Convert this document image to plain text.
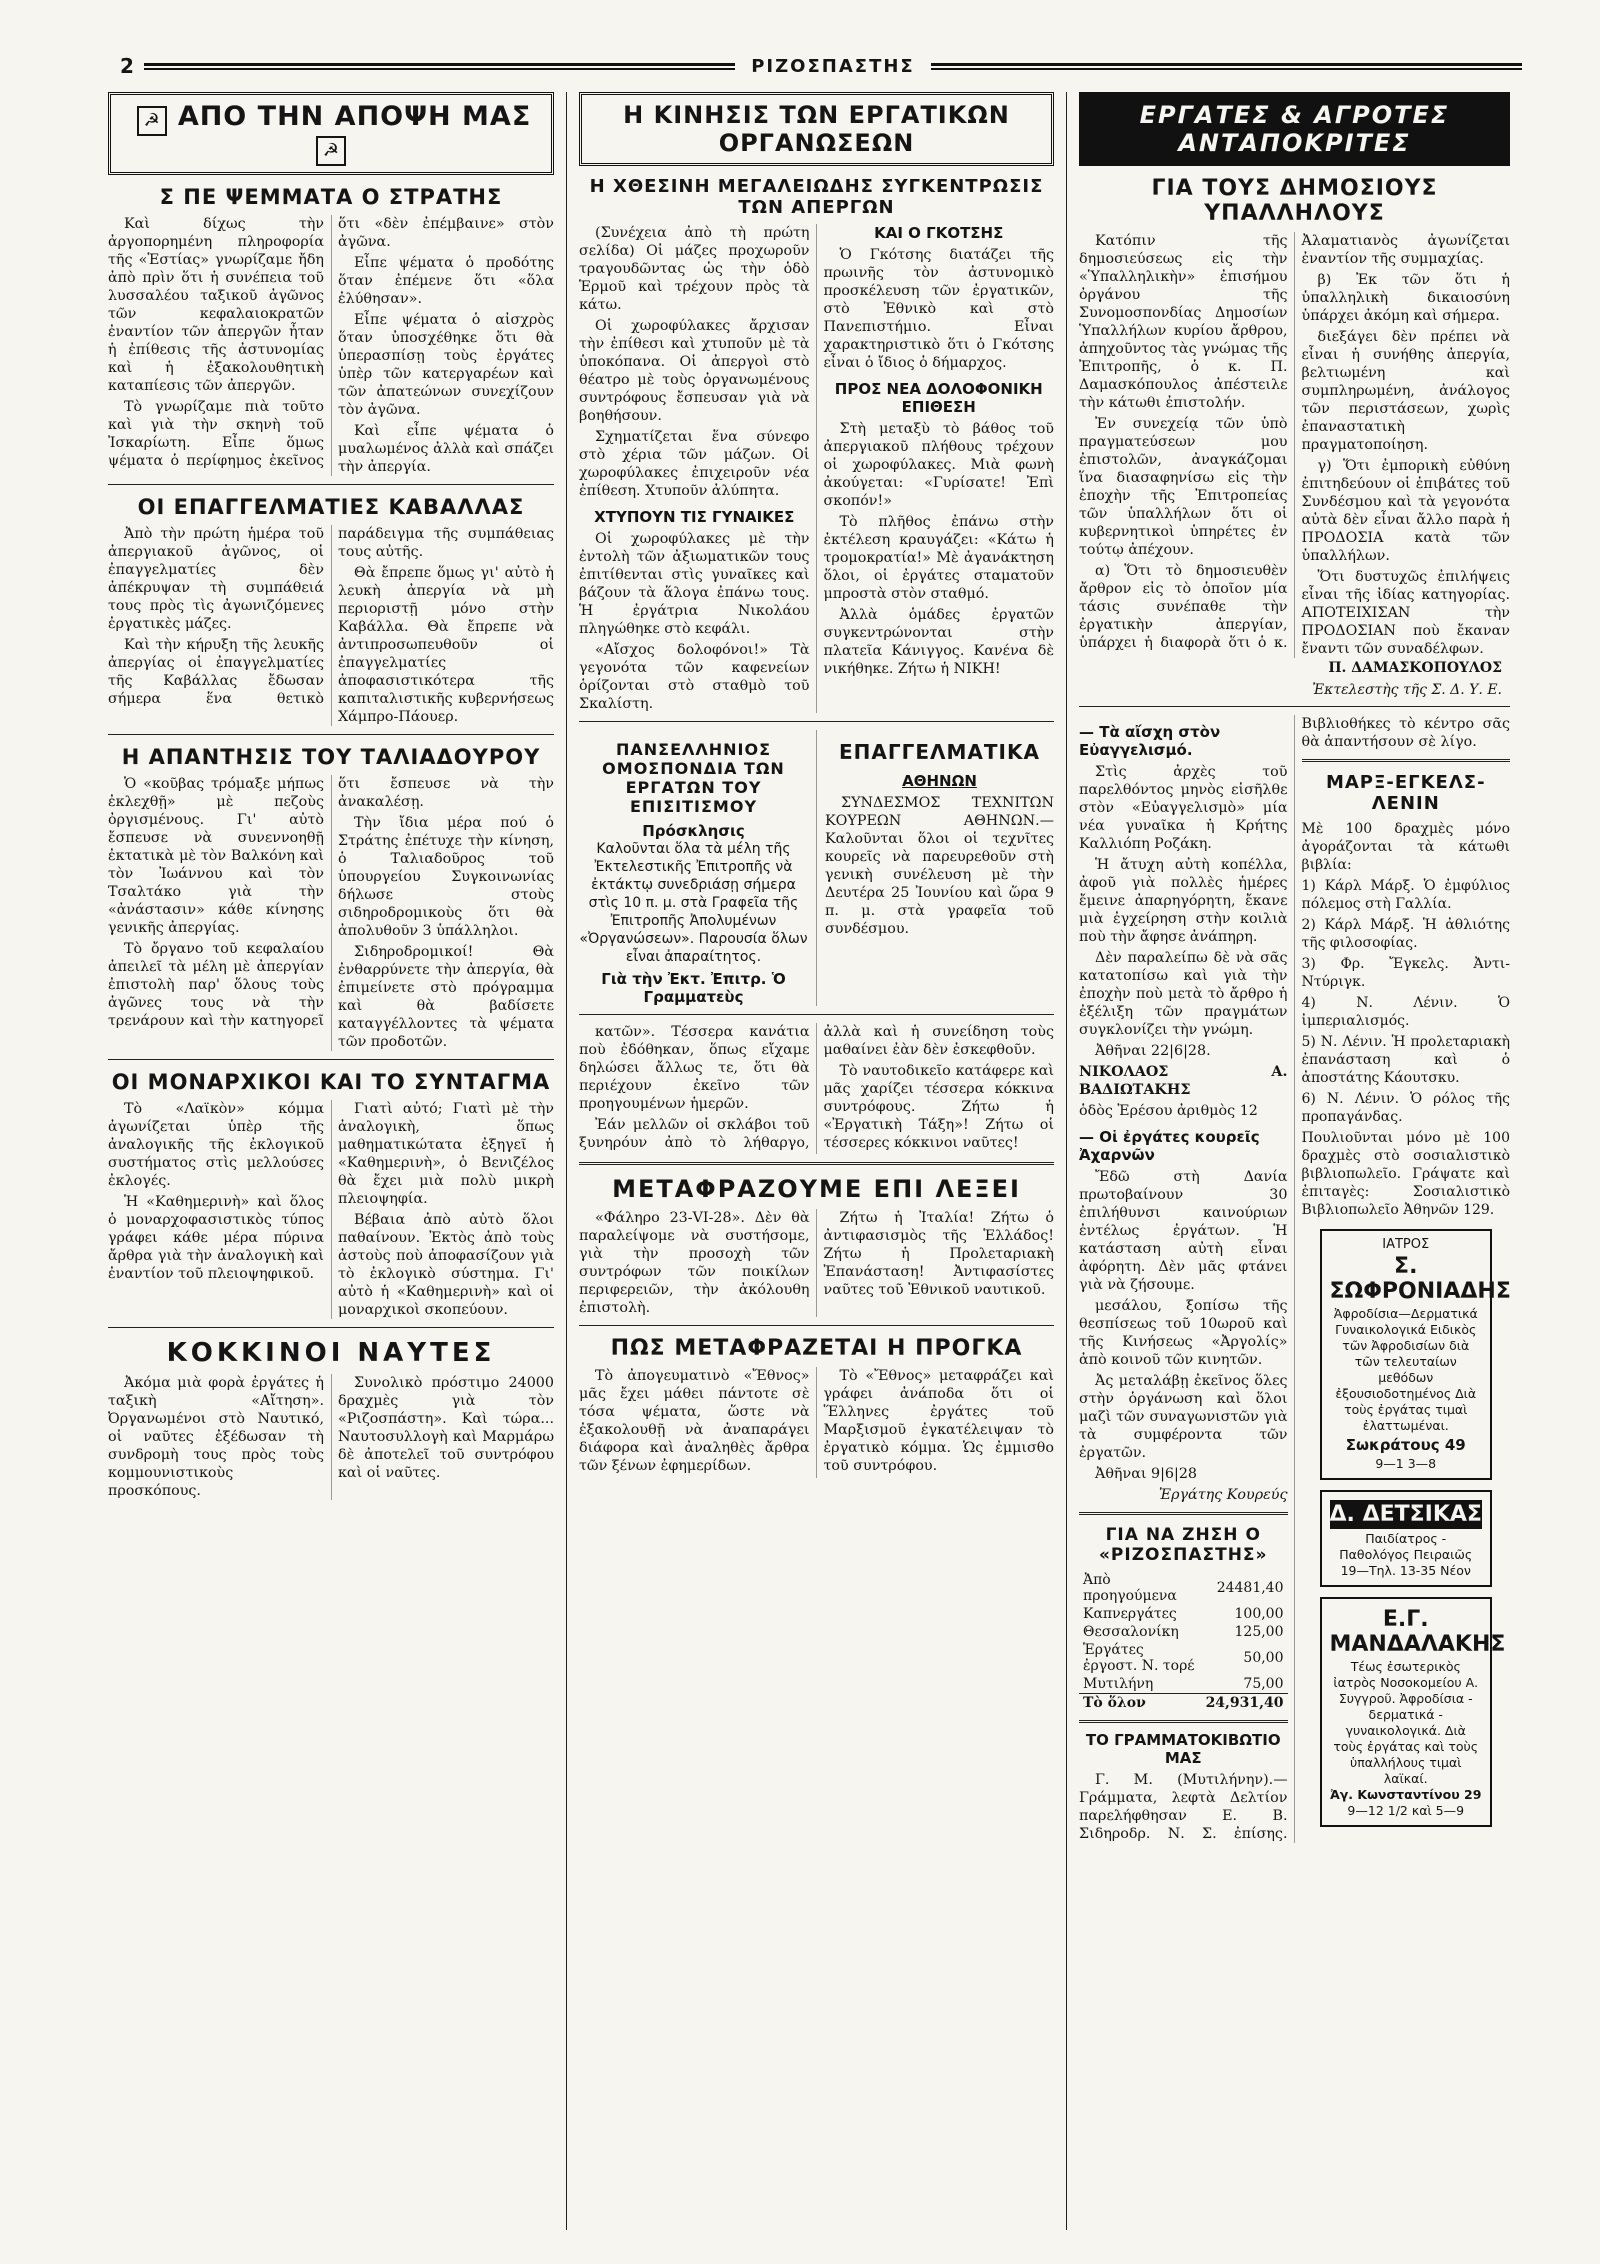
2	ΡΙΖΟΣΠΑΣΤΗΣ
☭ ΑΠΟ ΤΗΝ ΑΠΟΨΗ ΜΑΣ ☭
Σ ΠΕ ΨΕΜΜΑΤΑ Ο ΣΤΡΑΤΗΣ

Καὶ δίχως τὴν ἀργοπορημένη πληροφορία τῆς «Ἑστίας» γνωρίζαμε ἤδη ἀπὸ πρὶν ὅτι ἡ συνέπεια τοῦ λυσσαλέου ταξικοῦ ἀγῶνος τῶν κεφαλαιοκρατῶν ἐναντίον τῶν ἀπεργῶν ἦταν ἡ ἐπίθεσις τῆς ἀστυνομίας καὶ ἡ ἐξακολουθητικὴ καταπίεσις τῶν ἀπεργῶν.

Τὸ γνωρίζαμε πιὰ τοῦτο καὶ γιὰ τὴν σκηνὴ τοῦ Ἰσκαρίωτη. Εἶπε ὅμως ψέματα ὁ περίφημος ἐκεῖνος ὅτι «δὲν ἐπέμβαινε» στὸν ἀγῶνα.

Εἶπε ψέματα ὁ προδότης ὅταν ἐπέμενε ὅτι «ὅλα ἐλύθησαν».

Εἶπε ψέματα ὁ αἰσχρὸς ὅταν ὑποσχέθηκε ὅτι θὰ ὑπερασπίσῃ τοὺς ἐργάτες ὑπὲρ τῶν κατεργαρέων καὶ τῶν ἀπατεώνων συνεχίζουν τὸν ἀγῶνα.

Καὶ εἶπε ψέματα ὁ μυαλωμένος ἀλλὰ καὶ σπάζει τὴν ἀπεργία.

ΟΙ ΕΠΑΓΓΕΛΜΑΤΙΕΣ ΚΑΒΑΛΛΑΣ

Ἀπὸ τὴν πρώτη ἡμέρα τοῦ ἀπεργιακοῦ ἀγῶνος, οἱ ἐπαγγελματίες δὲν ἀπέκρυψαν τὴ συμπάθειά τους πρὸς τὶς ἀγωνιζόμενες ἐργατικὲς μάζες.

Καὶ τὴν κήρυξη τῆς λευκῆς ἀπεργίας οἱ ἐπαγγελματίες τῆς Καβάλλας ἔδωσαν σήμερα ἕνα θετικὸ παράδειγμα τῆς συμπάθειας τους αὐτῆς.

Θὰ ἔπρεπε ὅμως γι' αὐτὸ ἡ λευκὴ ἀπεργία νὰ μὴ περιοριστῇ μόνο στὴν Καβάλλα. Θὰ ἔπρεπε νὰ ἀντιπροσωπευθοῦν οἱ ἐπαγγελματίες ἀποφασιστικότερα τῆς καπιταλιστικῆς κυβερνήσεως Χάμπρο-Πάουερ.

Η ΑΠΑΝΤΗΣΙΣ ΤΟΥ ΤΑΛΙΑΔΟΥΡΟΥ

Ὁ «κοῦβας τρόμαξε μήπως ἐκλεχθῇ» μὲ πεζοὺς ὀργισμένους. Γι' αὐτὸ ἔσπευσε νὰ συνεννοηθῇ ἐκτατικὰ μὲ τὸν Βαλκόνη καὶ τὸν Ἰωάννου καὶ τὸν Τσαλτάκο γιὰ τὴν «ἀνάστασιν» κάθε κίνησης γενικῆς ἀπεργίας.

Τὸ ὄργανο τοῦ κεφαλαίου ἀπειλεῖ τὰ μέλη μὲ ἀπεργίαν ἐπιστολὴ παρ' ὅλους τοὺς ἀγῶνες τους νὰ τὴν τρενάρουν καὶ τὴν κατηγορεῖ ὅτι ἔσπευσε νὰ τὴν ἀνακαλέσῃ.

Τὴν ἴδια μέρα πού ὁ Στράτης ἐπέτυχε τὴν κίνηση, ὁ Ταλιαδοῦρος τοῦ ὑπουργείου Συγκοινωνίας δήλωσε στοὺς σιδηροδρομικοὺς ὅτι θὰ ἀπολυθοῦν 3 ὑπάλληλοι.

Σιδηροδρομικοί! Θὰ ἐνθαρρύνετε τὴν ἀπεργία, θὰ ἐπιμείνετε στὸ πρόγραμμα καὶ θὰ βαδίσετε καταγγέλλοντες τὰ ψέματα τῶν προδοτῶν.

ΟΙ ΜΟΝΑΡΧΙΚΟΙ ΚΑΙ ΤΟ ΣΥΝΤΑΓΜΑ

Τὸ «Λαϊκὸν» κόμμα ἀγωνίζεται ὑπὲρ τῆς ἀναλογικῆς τῆς ἐκλογικοῦ συστήματος στὶς μελλούσες ἐκλογές.

Ἡ «Καθημερινὴ» καὶ ὅλος ὁ μοναρχοφασιστικὸς τύπος γράφει κάθε μέρα πύρινα ἄρθρα γιὰ τὴν ἀναλογικὴ καὶ ἐναντίον τοῦ πλειοψηφικοῦ.

Γιατὶ αὐτό; Γιατὶ μὲ τὴν ἀναλογικὴ, ὅπως μαθηματικώτατα ἐξηγεῖ ἡ «Καθημερινὴ», ὁ Βενιζέλος θὰ ἔχει μιὰ πολὺ μικρὴ πλειοψηφία.

Βέβαια ἀπὸ αὐτὸ ὅλοι παθαίνουν. Ἐκτὸς ἀπὸ τοὺς ἀστοὺς ποὺ ἀποφασίζουν γιὰ τὸ ἐκλογικὸ σύστημα. Γι' αὐτὸ ἡ «Καθημερινὴ» καὶ οἱ μοναρχικοὶ σκοπεύουν.

ΚΟΚΚΙΝΟΙ ΝΑΥΤΕΣ

Ἀκόμα μιὰ φορὰ ἐργάτες ἡ ταξικὴ «Αἴτηση». Ὀργανωμένοι στὸ Ναυτικό, οἱ ναῦτες ἐξέδωσαν τὴ συνδρομὴ τους πρὸς τοὺς κομμουνιστικοὺς προσκόπους.

Συνολικὸ πρόστιμο 24000 δραχμὲς γιὰ τὸν «Ριζοσπάστη». Καὶ τώρα... Ναυτοσυλλογὴ καὶ Μαρμάρω δὲ ἀποτελεῖ τοῦ συντρόφου καὶ οἱ ναῦτες.

Η ΚΙΝΗΣΙΣ ΤΩΝ ΕΡΓΑΤΙΚΩΝ ΟΡΓΑΝΩΣΕΩΝ
Η ΧΘΕΣΙΝΗ ΜΕΓΑΛΕΙΩΔΗΣ ΣΥΓΚΕΝΤΡΩΣΙΣ ΤΩΝ ΑΠΕΡΓΩΝ

(Συνέχεια ἀπὸ τὴ πρώτη σελίδα) Οἱ μάζες προχωροῦν τραγουδῶντας ὡς τὴν ὁδὸ Ἑρμοῦ καὶ τρέχουν πρὸς τὰ κάτω.

Οἱ χωροφύλακες ἄρχισαν τὴν ἐπίθεσι καὶ χτυποῦν μὲ τὰ ὑποκόπανα. Οἱ ἀπεργοὶ στὸ θέατρο μὲ τοὺς ὀργανωμένους συντρόφους ἔσπευσαν γιὰ νὰ βοηθήσουν.

Σχηματίζεται ἕνα σύνεφο στὸ χέρια τῶν μάζων. Οἱ χωροφύλακες ἐπιχειροῦν νέα ἐπίθεση. Χτυποῦν ἀλύπητα.

ΧΤΥΠΟΥΝ ΤΙΣ ΓΥΝΑΙΚΕΣ

Οἱ χωροφύλακες μὲ τὴν ἐντολὴ τῶν ἀξιωματικῶν τους ἐπιτίθενται στὶς γυναῖκες καὶ βάζουν τὰ ἅλογα ἐπάνω τους. Ἡ ἐργάτρια Νικολάου πληγώθηκε στὸ κεφάλι.

«Αἴσχος δολοφόνοι!» Τὰ γεγονότα τῶν καφενείων ὁρίζονται στὸ σταθμὸ τοῦ Σκαλίστη.

ΚΑΙ Ο ΓΚΟΤΣΗΣ

Ὁ Γκότσης διατάζει τῆς πρωινῆς τὸν ἀστυνομικὸ προσκέλευση τῶν ἐργατικῶν, στὸ Ἐθνικὸ καὶ στὸ Πανεπιστήμιο. Εἶναι χαρακτηριστικὸ ὅτι ὁ Γκότσης εἶναι ὁ ἴδιος ὁ δήμαρχος.

ΠΡΟΣ ΝΕΑ ΔΟΛΟΦΟΝΙΚΗ ΕΠΙΘΕΣΗ

Στὴ μεταξὺ τὸ βάθος τοῦ ἀπεργιακοῦ πλήθους τρέχουν οἱ χωροφύλακες. Μιὰ φωνὴ ἀκούγεται: «Γυρίσατε! Ἐπὶ σκοπόν!»

Τὸ πλῆθος ἐπάνω στὴν ἐκτέλεση κραυγάζει: «Κάτω ἡ τρομοκρατία!» Μὲ ἀγανάκτηση ὅλοι, οἱ ἐργάτες σταματοῦν μπροστὰ στὸν σταθμό.

Ἀλλὰ ὁμάδες ἐργατῶν συγκεντρώνονται στὴν πλατεῖα Κάνιγγος. Κανένα δὲ νικήθηκε. Ζήτω ἡ ΝΙΚΗ!

ΠΑΝΣΕΛΛΗΝΙΟΣ ΟΜΟΣΠΟΝΔΙΑ ΤΩΝ ΕΡΓΑΤΩΝ ΤΟΥ ΕΠΙΣΙΤΙΣΜΟΥ
Πρόσκλησις
Καλοῦνται ὅλα τὰ μέλη τῆς Ἐκτελεστικῆς Ἐπιτροπῆς νὰ ἐκτάκτῳ συνεδριάσῃ σήμερα στὶς 10 π. μ. στὰ Γραφεῖα τῆς Ἐπιτροπῆς Ἀπολυμένων «Ὀργανώσεων». Παρουσία ὅλων εἶναι ἀπαραίτητος.
Γιὰ τὴν Ἐκτ. Ἐπιτρ. Ὁ Γραμματεὺς
ΕΠΑΓΓΕΛΜΑΤΙΚΑ
ΑΘΗΝΩΝ

ΣΥΝΔΕΣΜΟΣ ΤΕΧΝΙΤΩΝ ΚΟΥΡΕΩΝ ΑΘΗΝΩΝ.— Καλοῦνται ὅλοι οἱ τεχνῖτες κουρεῖς νὰ παρευρεθοῦν στὴ γενικὴ συνέλευση μὲ τὴν Δευτέρα 25 Ἰουνίου καὶ ὥρα 9 π. μ. στὰ γραφεῖα τοῦ συνδέσμου.

κατῶν». Τέσσερα κανάτια ποὺ ἐδόθηκαν, ὅπως εἴχαμε δηλώσει ἄλλως τε, ὅτι θὰ περιέχουν ἐκεῖνο τῶν προηγουμένων ἡμερῶν.

Ἐάν μελλῶν οἱ σκλάβοι τοῦ ξυνηρόυν ἀπὸ τὸ λήθαργο, ἀλλὰ καὶ ἡ συνείδηση τοὺς μαθαίνει ἐὰν δὲν ἐσκεφθοῦν.

Τὸ ναυτοδικεῖο κατάφερε καὶ μᾶς χαρίζει τέσσερα κόκκινα συντρόφους. Ζήτω ἡ «Ἐργατικὴ Τάξη»! Ζήτω οἱ τέσσερες κόκκινοι ναῦτες!

ΜΕΤΑΦΡΑΖΟΥΜΕ ΕΠΙ ΛΕΞΕΙ

«Φάληρο 23-VI-28». Δὲν θὰ παραλείψομε νὰ συστήσομε, γιὰ τὴν προσοχὴ τῶν συντρόφων τῶν ποικίλων περιφερειῶν, τὴν ἀκόλουθη ἐπιστολὴ.

Ζήτω ἡ Ἰταλία! Ζήτω ὁ ἀντιφασισμὸς τῆς Ἑλλάδος! Ζήτω ἡ Προλεταριακὴ Ἐπανάσταση! Ἀντιφασίστες ναῦτες τοῦ Ἐθνικοῦ ναυτικοῦ.

ΠΩΣ ΜΕΤΑΦΡΑΖΕΤΑΙ Η ΠΡΟΓΚΑ

Τὸ ἀπογευματινὸ «Ἔθνος» μᾶς ἔχει μάθει πάντοτε σὲ τόσα ψέματα, ὥστε νὰ ἐξακολουθῇ νὰ ἀναπαράγει διάφορα καὶ ἀναληθὲς ἄρθρα τῶν ξένων ἐφημερίδων.

Τὸ «Ἔθνος» μεταφράζει καὶ γράφει ἀνάποδα ὅτι οἱ Ἕλληνες ἐργάτες τοῦ Μαρξισμοῦ ἐγκατέλειψαν τὸ ἐργατικὸ κόμμα. Ὡς ἐμμισθο τοῦ συντρόφου.

ΕΡΓΑΤΕΣ & ΑΓΡΟΤΕΣ ΑΝΤΑΠΟΚΡΙΤΕΣ
ΓΙΑ ΤΟΥΣ ΔΗΜΟΣΙΟΥΣ ΥΠΑΛΛΗΛΟΥΣ

Κατόπιν τῆς δημοσιεύσεως εἰς τὴν «Ὑπαλληλικὴν» ἐπισήμου ὀργάνου τῆς Συνομοσπονδίας Δημοσίων Ὑπαλλήλων κυρίου ἄρθρου, ἀπηχοῦντος τὰς γνώμας τῆς Ἐπιτροπῆς, ὁ κ. Π. Δαμασκόπουλος ἀπέστειλε τὴν κάτωθι ἐπιστολήν.

Ἐν συνεχείᾳ τῶν ὑπὸ πραγματεύσεων μου ἐπιστολῶν, ἀναγκάζομαι ἵνα διασαφηνίσω εἰς τὴν ἐποχὴν τῆς Ἐπιτροπείας τῶν ὑπαλλήλων ὅτι οἱ κυβερνητικοὶ ὑπηρέτες ἐν τούτῳ ἀπέχουν.

α) Ὅτι τὸ δημοσιευθὲν ἄρθρον εἰς τὸ ὁποῖον μία τάσις συνέπαθε τὴν ἐργατικὴν ἀπεργίαν, ὑπάρχει ἡ διαφορὰ ὅτι ὁ κ. Ἀλαματιανὸς ἀγωνίζεται ἐναντίον τῆς συμμαχίας.

β) Ἐκ τῶν ὅτι ἡ ὑπαλληλικὴ δικαιοσύνη ὑπάρχει ἀκόμη καὶ σήμερα.

διεξάγει δὲν πρέπει νὰ εἶναι ἡ συνήθης ἀπεργία, βελτιωμένη καὶ συμπληρωμένη, ἀνάλογος τῶν περιστάσεων, χωρὶς ἐπαναστατικὴ πραγματοποίηση.

γ) Ὅτι ἐμπορικὴ εὐθύνη ἐπιτηδεύουν οἱ ἐπιβάτες τοῦ Συνδέσμου καὶ τὰ γεγονότα αὐτὰ δὲν εἶναι ἄλλο παρὰ ἡ ΠΡΟΔΟΣΙΑ κατὰ τῶν ὑπαλλήλων.

Ὅτι δυστυχῶς ἐπιλήψεις εἶναι τῆς ἰδίας κατηγορίας. ΑΠΟΤΕΙΧΙΣΑΝ τὴν ΠΡΟΔΟΣΙΑΝ ποὺ ἔκαναν ἔναντι τῶν συναδέλφων.

Π. ΔΑΜΑΣΚΟΠΟΥΛΟΣ
Ἐκτελεστὴς τῆς Σ. Δ. Υ. Ε.
— Τὰ αἴσχη στὸν Εὐαγγελισμό.

Στὶς ἀρχὲς τοῦ παρελθόντος μηνὸς εἰσῆλθε στὸν «Εὐαγγελισμὸ» μία νέα γυναῖκα ἡ Κρήτης Καλλιόπη Ροζάκη.

Ἡ ἄτυχη αὐτὴ κοπέλλα, ἀφοῦ γιὰ πολλὲς ἡμέρες ἔμεινε ἀπαρηγόρητη, ἔκανε μιὰ ἐγχείρηση στὴν κοιλιὰ ποὺ τὴν ἄφησε ἀνάπηρη.

Δὲν παραλείπω δὲ νὰ σᾶς κατατοπίσω καὶ γιὰ τὴν ἐποχὴν ποὺ μετὰ τὸ ἄρθρο ἡ ἐξέλιξη τῶν πραγμάτων συγκλονίζει τὴν γνώμη.

Ἀθῆναι 22|6|28.

ΝΙΚΟΛΑΟΣ Α. ΒΑΔΙΩΤΑΚΗΣ

ὁδὸς Ἐρέσου ἀριθμὸς 12

— Οἱ ἐργάτες κουρεῖς Ἀχαρνῶν

Ἔδῶ στὴ Δανία πρωτοβαίνουν 30 ἐπιλήθυνσι καινούριων ἐντέλως ἐργάτων. Ἡ κατάσταση αὐτὴ εἶναι ἀφόρητη. Δὲν μᾶς φτάνει γιὰ νὰ ζήσουμε.

μεσάλου, ξοπίσω τῆς θεσπίσεως τοῦ 10ωροῦ καὶ τῆς Κινήσεως «Ἀργολίς» ἀπὸ κοινοῦ τῶν κινητῶν.

Ἀς μεταλάβῃ ἐκεῖνος ὅλες στὴν ὁργάνωση καὶ ὅλοι μαζὶ τῶν συναγωνιστῶν γιὰ τὰ συμφέροντα τῶν ἐργατῶν.

Ἀθῆναι 9|6|28

Ἐργάτης Κουρεύς

ΓΙΑ ΝΑ ΖΗΣΗ Ο «ΡΙΖΟΣΠΑΣΤΗΣ»
Ἀπὸ προηγούμενα	24481,40
Καπνεργάτες	100,00
Θεσσαλονίκη	125,00
Ἑργάτες ἐργοστ. Ν. τορέ	50,00
Μυτιλήνη	75,00
Τὸ ὅλον	24,931,40
ΤΟ ΓΡΑΜΜΑΤΟΚΙΒΩΤΙΟ ΜΑΣ

Γ. Μ. (Μυτιλήνην).— Γράμματα, λεφτὰ Δελτίον παρελήφθησαν Ε. Β. Σιδηροδρ. Ν. Σ. ἐπίσης. Βιβλιοθήκες τὸ κέντρο σᾶς θὰ ἀπαντήσουν σὲ λίγο.

ΜΑΡΞ-ΕΓΚΕΛΣ-ΛΕΝΙΝ

Μὲ 100 δραχμὲς μόνο ἀγοράζονται τὰ κάτωθι βιβλία:

1) Κάρλ Μάρξ. Ὁ ἐμφύλιος πόλεμος στὴ Γαλλία.

2) Κάρλ Μάρξ. Ἡ ἀθλιότης τῆς φιλοσοφίας.

3) Φρ. Ἔγκελς. Ἀντι-Ντύριγκ.

4) Ν. Λένιν. Ὁ ἰμπεριαλισμός.

5) Ν. Λένιν. Ἡ προλεταριακὴ ἐπανάσταση καὶ ὁ ἀποστάτης Κάουτσκυ.

6) Ν. Λένιν. Ὁ ρόλος τῆς προπαγάνδας.

Πουλιοῦνται μόνο μὲ 100 δραχμὲς στὸ σοσιαλιστικὸ βιβλιοπωλεῖο. Γράψατε καὶ ἐπιταγὲς: Σοσιαλιστικὸ Βιβλιοπωλεῖο Ἀθηνῶν 129.

ΙΑΤΡΟΣ
Σ. ΣΩΦΡΟΝΙΑΔΗΣ
Ἀφροδίσια—Δερματικά Γυναικολογικά Ειδικὸς τῶν Ἀφροδισίων διὰ τῶν τελευταίων μεθόδων ἐξουσιοδοτημένος Διὰ τοὺς ἐργάτας τιμαὶ ἐλαττωμέναι.
Σωκράτους 49
9—1 3—8
Δ. ΔΕΤΣΙΚΑΣ
Παιδίατρος - Παθολόγος Πειραιῶς 19—Τηλ. 13-35 Νέον
Ε.Γ. ΜΑΝΔΑΛΑΚΗΣ
Τέως ἐσωτερικὸς ἰατρὸς Νοσοκομείου Α. Συγγροῦ. Ἀφροδίσια - δερματικά - γυναικολογικά. Διὰ τοὺς ἐργάτας καὶ τοὺς ὑπαλλήλους τιμαὶ λαϊκαί.
Ἀγ. Κωνσταντίνου 29
9—12 1/2 καὶ 5—9
